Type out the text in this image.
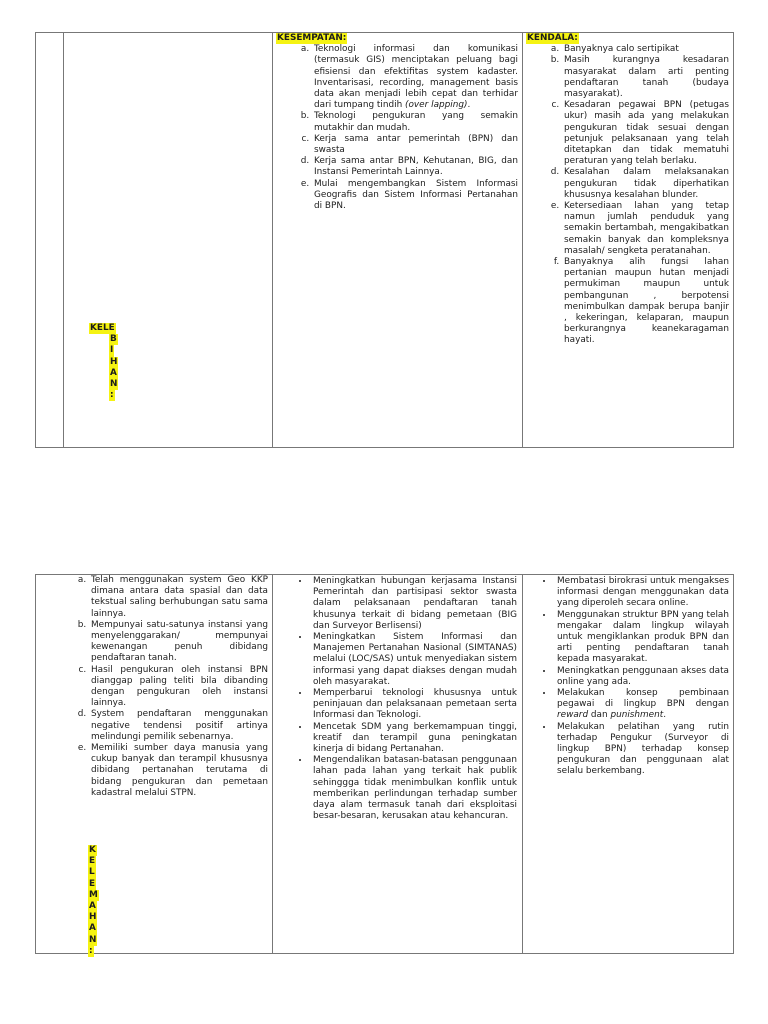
KELE
B
I
H
A
N
:
KESEMPATAN:
a. Teknologi informasi dan komunikasi (termasuk GIS) menciptakan peluang bagi efisiensi dan efektifitas system kadaster. Inventarisasi, recording, management basis data akan menjadi lebih cepat dan terhidar dari tumpang tindih (over lapping).
b. Teknologi pengukuran yang semakin mutakhir dan mudah.
c. Kerja sama antar pemerintah (BPN) dan swasta
d. Kerja sama antar BPN, Kehutanan, BIG, dan Instansi Pemerintah Lainnya.
e. Mulai mengembangkan Sistem Informasi Geografis dan Sistem Informasi Pertanahan di BPN.
KENDALA:
a. Banyaknya calo sertipikat
b. Masih kurangnya kesadaran masyarakat dalam arti penting pendaftaran tanah (budaya masyarakat).
c. Kesadaran pegawai BPN (petugas ukur) masih ada yang melakukan pengukuran tidak sesuai dengan petunjuk pelaksanaan yang telah ditetapkan dan tidak mematuhi peraturan yang telah berlaku.
d. Kesalahan dalam melaksanakan pengukuran tidak diperhatikan khususnya kesalahan blunder.
e. Ketersediaan lahan yang tetap namun jumlah penduduk yang semakin bertambah, mengakibatkan semakin banyak dan kompleksnya masalah/ sengketa peratanahan.
f. Banyaknya alih fungsi lahan pertanian maupun hutan menjadi permukiman maupun untuk pembangunan , berpotensi menimbulkan dampak berupa banjir , kekeringan, kelaparan, maupun berkurangnya keanekaragaman hayati.
a. Telah menggunakan system Geo KKP dimana antara data spasial dan data tekstual saling berhubungan satu sama lainnya.
b. Mempunyai satu-satunya instansi yang menyelenggarakan/ mempunyai kewenangan penuh dibidang pendaftaran tanah.
c. Hasil pengukuran oleh instansi BPN dianggap paling teliti bila dibanding dengan pengukuran oleh instansi lainnya.
d. System pendaftaran menggunakan negative tendensi positif artinya melindungi pemilik sebenarnya.
e. Memiliki sumber daya manusia yang cukup banyak dan terampil khususnya dibidang pertanahan terutama di bidang pengukuran dan pemetaan kadastral melalui STPN.
• Meningkatkan hubungan kerjasama Instansi Pemerintah dan partisipasi sektor swasta dalam pelaksanaan pendaftaran tanah khusunya terkait di bidang pemetaan (BIG dan Surveyor Berlisensi)
• Meningkatkan Sistem Informasi dan Manajemen Pertanahan Nasional (SIMTANAS) melalui (LOC/SAS) untuk menyediakan sistem informasi yang dapat diakses dengan mudah oleh masyarakat.
• Memperbarui teknologi khususnya untuk peninjauan dan pelaksanaan pemetaan serta Informasi dan Teknologi.
• Mencetak SDM yang berkemampuan tinggi, kreatif dan terampil guna peningkatan kinerja di bidang Pertanahan.
• Mengendalikan batasan-batasan penggunaan lahan pada lahan yang terkait hak publik sehinggga tidak menimbulkan konflik untuk memberikan perlindungan terhadap sumber daya alam termasuk tanah dari eksploitasi besar-besaran, kerusakan atau kehancuran.
• Membatasi birokrasi untuk mengakses informasi dengan menggunakan data yang diperoleh secara online.
• Menggunakan struktur BPN yang telah mengakar dalam lingkup wilayah untuk mengiklankan produk BPN dan arti penting pendaftaran tanah kepada masyarakat.
• Meningkatkan penggunaan akses data online yang ada.
• Melakukan konsep pembinaan pegawai di lingkup BPN dengan reward dan punishment.
• Melakukan pelatihan yang rutin terhadap Pengukur (Surveyor di lingkup BPN) terhadap konsep pengukuran dan penggunaan alat selalu berkembang.
K
E
L
E
M
A
H
A
N
:
